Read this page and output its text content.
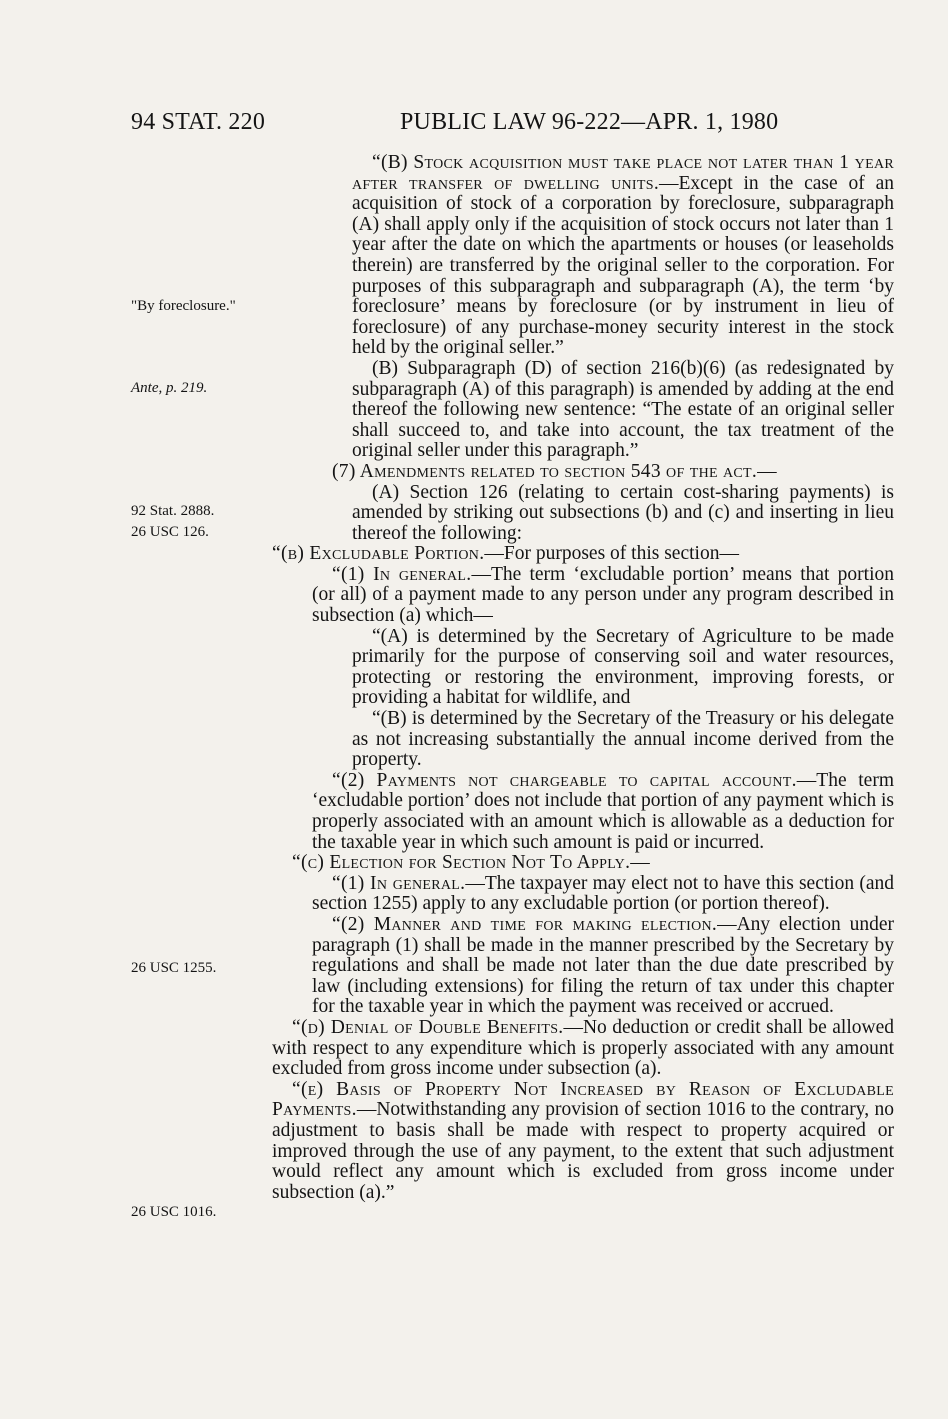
94 STAT. 220	PUBLIC LAW 96-222—APR. 1, 1980
"By foreclosure."
Ante, p. 219.
92 Stat. 2888.
26 USC 126.
26 USC 1255.
26 USC 1016.

“(B) Stock acquisition must take place not later than 1 year after transfer of dwelling units.—Except in the case of an acquisition of stock of a corporation by foreclosure, subparagraph (A) shall apply only if the acquisition of stock occurs not later than 1 year after the date on which the apartments or houses (or leaseholds therein) are transferred by the original seller to the corporation. For purposes of this subparagraph and subparagraph (A), the term ‘by foreclosure’ means by foreclosure (or by instrument in lieu of foreclosure) of any purchase-money security interest in the stock held by the original seller.”

(B) Subparagraph (D) of section 216(b)(6) (as redesignated by subparagraph (A) of this paragraph) is amended by adding at the end thereof the following new sentence: “The estate of an original seller shall succeed to, and take into account, the tax treatment of the original seller under this paragraph.”

(7) Amendments related to section 543 of the act.—

(A) Section 126 (relating to certain cost-sharing payments) is amended by striking out subsections (b) and (c) and inserting in lieu thereof the following:

“(b) Excludable Portion.—For purposes of this section—

“(1) In general.—The term ‘excludable portion’ means that portion (or all) of a payment made to any person under any program described in subsection (a) which—

“(A) is determined by the Secretary of Agriculture to be made primarily for the purpose of conserving soil and water resources, protecting or restoring the environment, improving forests, or providing a habitat for wildlife, and

“(B) is determined by the Secretary of the Treasury or his delegate as not increasing substantially the annual income derived from the property.

“(2) Payments not chargeable to capital account.—The term ‘excludable portion’ does not include that portion of any payment which is properly associated with an amount which is allowable as a deduction for the taxable year in which such amount is paid or incurred.

“(c) Election for Section Not To Apply.—

“(1) In general.—The taxpayer may elect not to have this section (and section 1255) apply to any excludable portion (or portion thereof).

“(2) Manner and time for making election.—Any election under paragraph (1) shall be made in the manner prescribed by the Secretary by regulations and shall be made not later than the due date prescribed by law (including extensions) for filing the return of tax under this chapter for the taxable year in which the payment was received or accrued.

“(d) Denial of Double Benefits.—No deduction or credit shall be allowed with respect to any expenditure which is properly associated with any amount excluded from gross income under subsection (a).

“(e) Basis of Property Not Increased by Reason of Excludable Payments.—Notwithstanding any provision of section 1016 to the contrary, no adjustment to basis shall be made with respect to property acquired or improved through the use of any payment, to the extent that such adjustment would reflect any amount which is excluded from gross income under subsection (a).”
